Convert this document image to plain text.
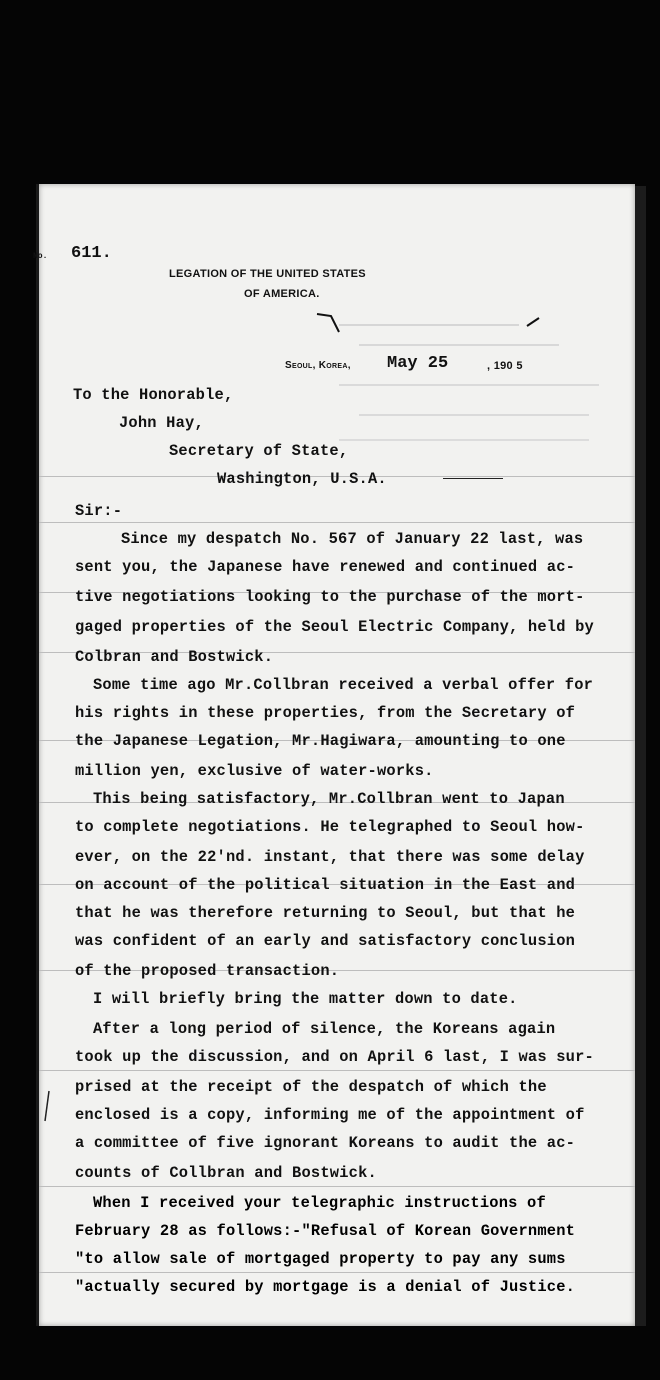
No. 611.
LEGATION OF THE UNITED STATES
OF AMERICA.
Seoul, Korea, May 25	, 190 5
To the Honorable,
John Hay,
Secretary of State,
Washington, U.S.A.
Sir:-
Since my despatch No. 567 of January 22 last, was
sent you, the Japanese have renewed and continued ac-
tive negotiations looking to the purchase of the mort-
gaged properties of the Seoul Electric Company, held by
Colbran and Bostwick.
Some time ago Mr.Collbran received a verbal offer for
his rights in these properties, from the Secretary of
the Japanese Legation, Mr.Hagiwara, amounting to one
million yen, exclusive of water-works.
This being satisfactory, Mr.Collbran went to Japan
to complete negotiations. He telegraphed to Seoul how-
ever, on the 22'nd. instant, that there was some delay
on account of the political situation in the East and
that he was therefore returning to Seoul, but that he
was confident of an early and satisfactory conclusion
of the proposed transaction.
I will briefly bring the matter down to date.
After a long period of silence, the Koreans again
took up the discussion, and on April 6 last, I was sur-
prised at the receipt of the despatch of which the
enclosed is a copy, informing me of the appointment of
a committee of five ignorant Koreans to audit the ac-
counts of Collbran and Bostwick.
When I received your telegraphic instructions of
February 28 as follows:-"Refusal of Korean Government
"to allow sale of mortgaged property to pay any sums
"actually secured by mortgage is a denial of Justice.
